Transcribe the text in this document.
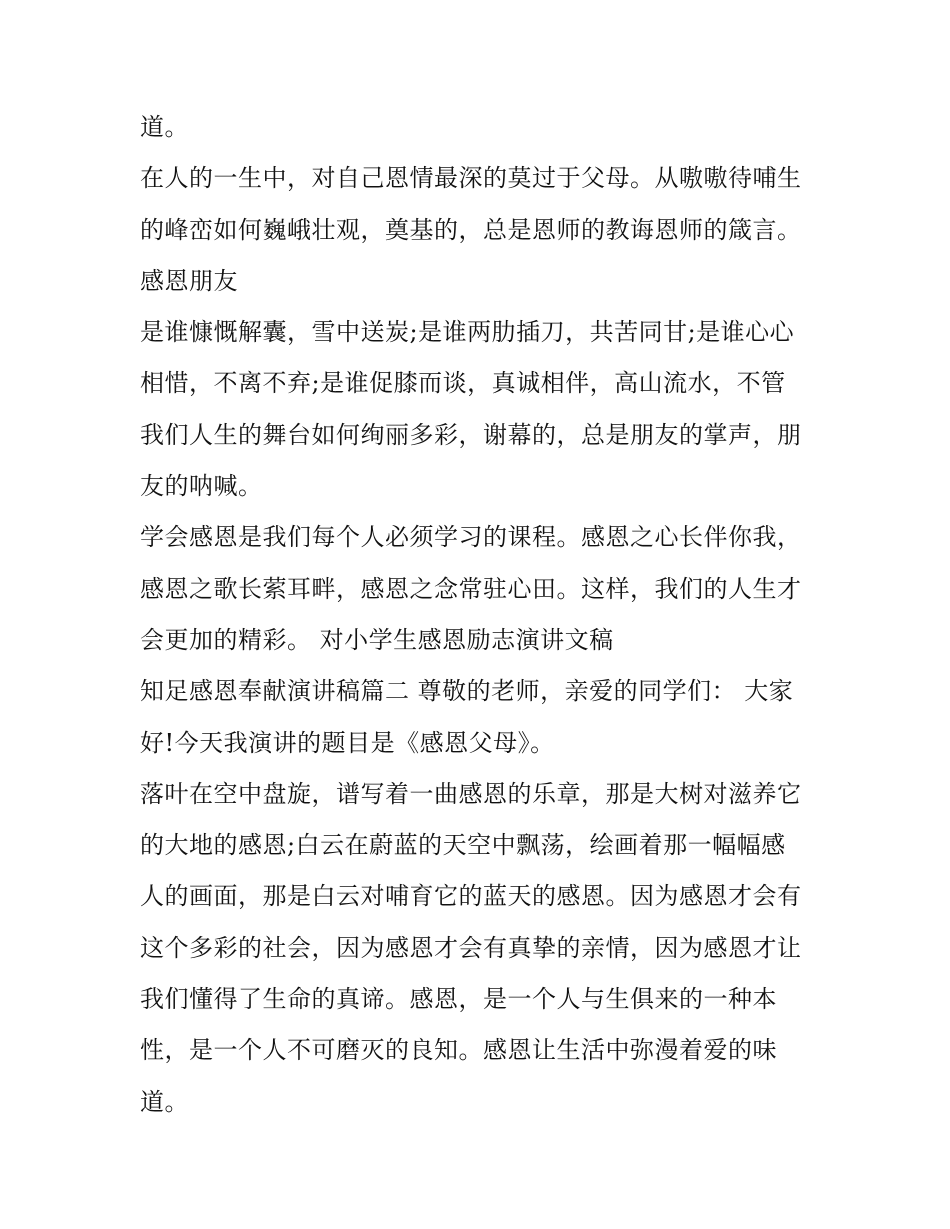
道。
在人的一生中，对自己恩情最深的莫过于父母。从嗷嗷待哺生
的峰峦如何巍峨壮观，奠基的，总是恩师的教诲恩师的箴言。
感恩朋友
是谁慷慨解囊，雪中送炭;是谁两肋插刀，共苦同甘;是谁心心
相惜，不离不弃;是谁促膝而谈，真诚相伴，高山流水，不管
我们人生的舞台如何绚丽多彩，谢幕的，总是朋友的掌声，朋
友的呐喊。
学会感恩是我们每个人必须学习的课程。感恩之心长伴你我，
感恩之歌长萦耳畔，感恩之念常驻心田。这样，我们的人生才
会更加的精彩。 对小学生感恩励志演讲文稿
知足感恩奉献演讲稿篇二 尊敬的老师，亲爱的同学们： 大家
好!今天我演讲的题目是《感恩父母》。
落叶在空中盘旋，谱写着一曲感恩的乐章，那是大树对滋养它
的大地的感恩;白云在蔚蓝的天空中飘荡，绘画着那一幅幅感
人的画面，那是白云对哺育它的蓝天的感恩。因为感恩才会有
这个多彩的社会，因为感恩才会有真挚的亲情，因为感恩才让
我们懂得了生命的真谛。感恩，是一个人与生俱来的一种本
性，是一个人不可磨灭的良知。感恩让生活中弥漫着爱的味
道。
